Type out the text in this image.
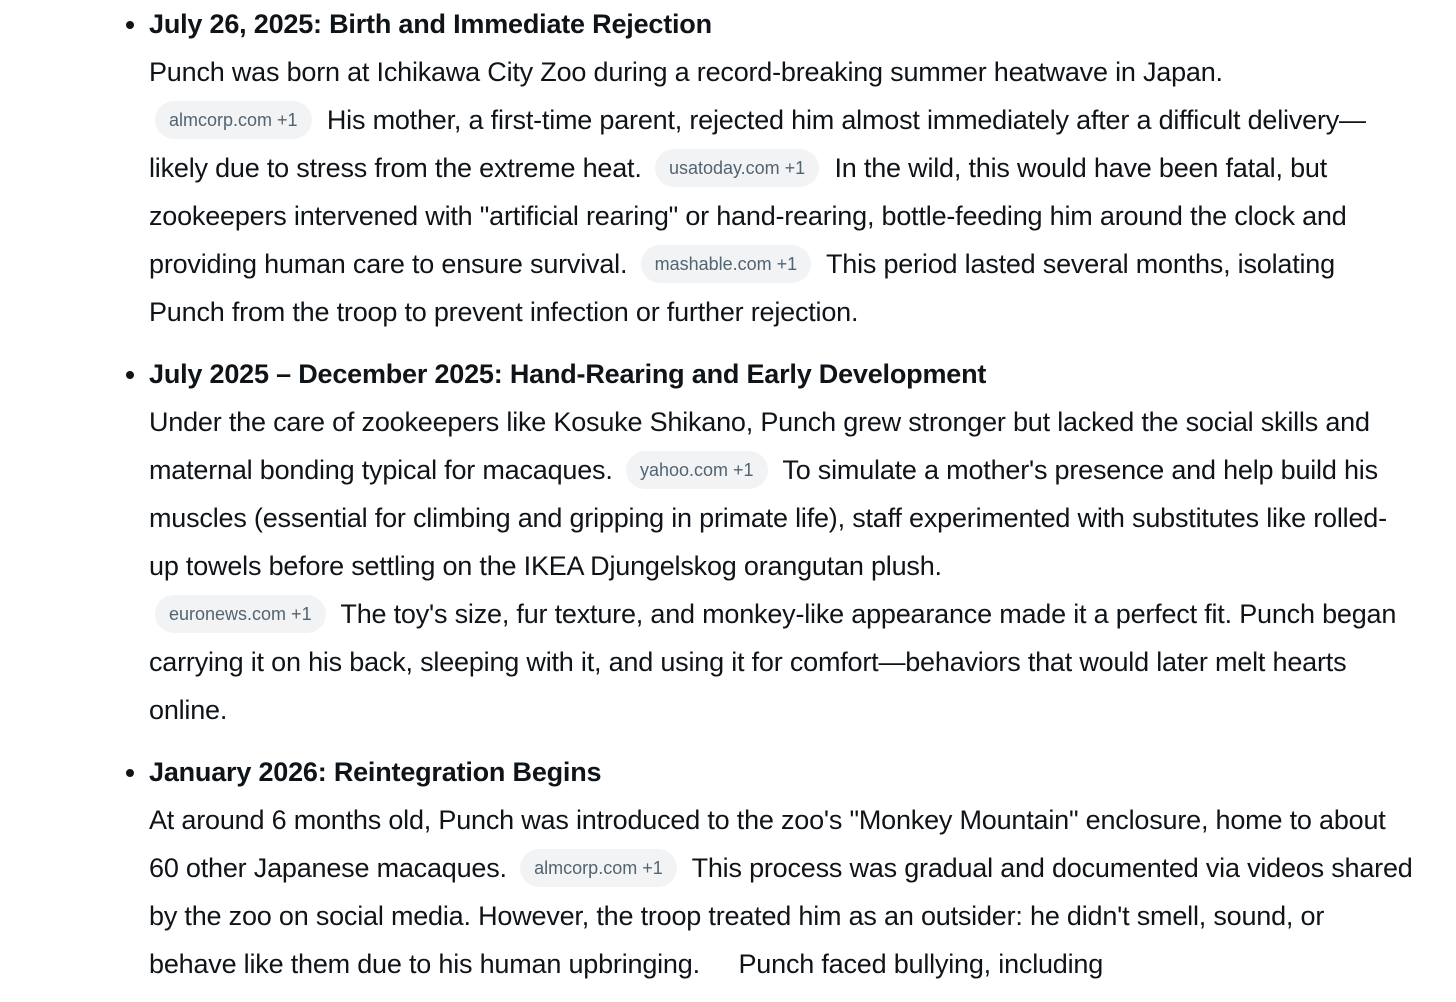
July 26, 2025: Birth and Immediate Rejection

Punch was born at Ichikawa City Zoo during a record-breaking summer heatwave in Japan.
almcorp.com +1 His mother, a first-time parent, rejected him almost immediately after a difficult delivery—likely due to stress from the extreme heat. usatoday.com +1 In the wild, this would have been fatal, but zookeepers intervened with "artificial rearing" or hand-rearing, bottle-feeding him around the clock and providing human care to ensure survival. mashable.com +1 This period lasted several months, isolating Punch from the troop to prevent infection or further rejection.

July 2025 – December 2025: Hand-Rearing and Early Development

Under the care of zookeepers like Kosuke Shikano, Punch grew stronger but lacked the social skills and maternal bonding typical for macaques. yahoo.com +1 To simulate a mother's presence and help build his muscles (essential for climbing and gripping in primate life), staff experimented with substitutes like rolled-up towels before settling on the IKEA Djungelskog orangutan plush.
euronews.com +1 The toy's size, fur texture, and monkey-like appearance made it a perfect fit. Punch began carrying it on his back, sleeping with it, and using it for comfort—behaviors that would later melt hearts online.

January 2026: Reintegration Begins

At around 6 months old, Punch was introduced to the zoo's "Monkey Mountain" enclosure, home to about 60 other Japanese macaques. almcorp.com +1 This process was gradual and documented via videos shared by the zoo on social media. However, the troop treated him as an outsider: he didn't smell, sound, or behave like them due to his human upbringing. Punch faced bullying, including
